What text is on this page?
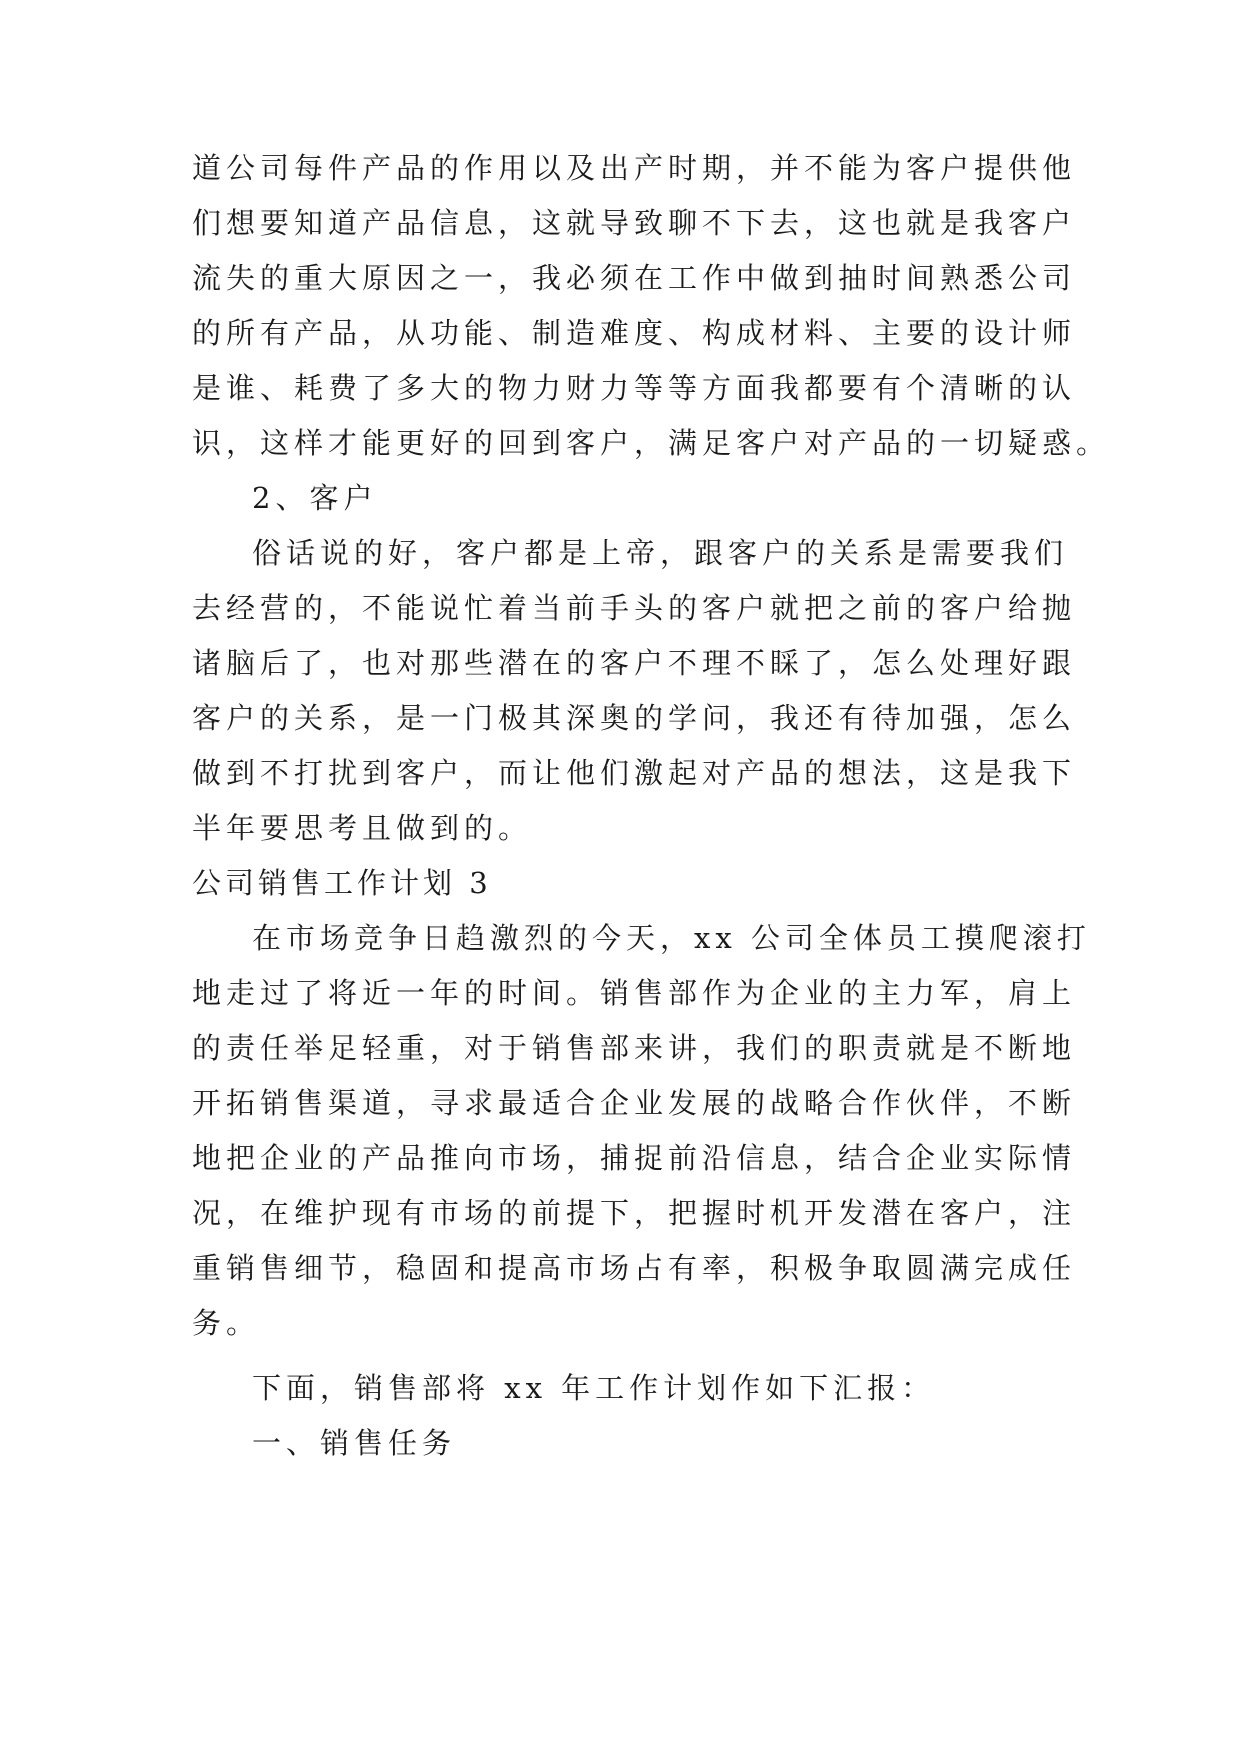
道公司每件产品的作用以及出产时期，并不能为客户提供他
们想要知道产品信息，这就导致聊不下去，这也就是我客户
流失的重大原因之一，我必须在工作中做到抽时间熟悉公司
的所有产品，从功能、制造难度、构成材料、主要的设计师
是谁、耗费了多大的物力财力等等方面我都要有个清晰的认
识，这样才能更好的回到客户，满足客户对产品的一切疑惑。
2、客户
俗话说的好，客户都是上帝，跟客户的关系是需要我们
去经营的，不能说忙着当前手头的客户就把之前的客户给抛
诸脑后了，也对那些潜在的客户不理不睬了，怎么处理好跟
客户的关系，是一门极其深奥的学问，我还有待加强，怎么
做到不打扰到客户，而让他们激起对产品的想法，这是我下
半年要思考且做到的。
公司销售工作计划 3
在市场竞争日趋激烈的今天，xx 公司全体员工摸爬滚打
地走过了将近一年的时间。销售部作为企业的主力军，肩上
的责任举足轻重，对于销售部来讲，我们的职责就是不断地
开拓销售渠道，寻求最适合企业发展的战略合作伙伴，不断
地把企业的产品推向市场，捕捉前沿信息，结合企业实际情
况，在维护现有市场的前提下，把握时机开发潜在客户，注
重销售细节，稳固和提高市场占有率，积极争取圆满完成任
务。
下面，销售部将 xx 年工作计划作如下汇报：
一、销售任务
